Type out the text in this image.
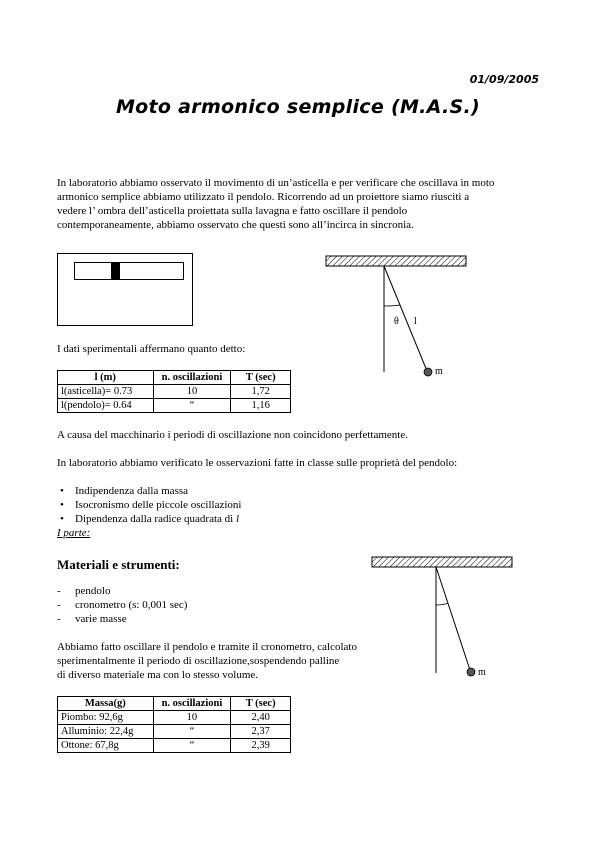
01/09/2005
Moto armonico semplice (M.A.S.)
In laboratorio abbiamo osservato il movimento di un’asticella e per verificare che oscillava in moto
armonico semplice abbiamo utilizzato il pendolo. Ricorrendo ad un proiettore siamo riusciti a
vedere l’ ombra dell’asticella proiettata sulla lavagna e fatto oscillare il pendolo
contemporaneamente, abbiamo osservato che questi sono all’incirca in sincronia.
θ l
m
I dati sperimentali affermano quanto detto:
l (m)	n. oscillazioni	T (sec)
l(asticella)= 0.73	10	1,72
l(pendolo)= 0.64	“	1,16
A causa del macchinario i periodi di oscillazione non coincidono perfettamente.
In laboratorio abbiamo verificato le osservazioni fatte in classe sulle proprietà del pendolo:
• Indipendenza dalla massa
• Isocronismo delle piccole oscillazioni
• Dipendenza dalla radice quadrata di l
I parte:
Materiali e strumenti:
- pendolo
- cronometro (s: 0,001 sec)
- varie masse
m
Abbiamo fatto oscillare il pendolo e tramite il cronometro, calcolato
sperimentalmente il periodo di oscillazione,sospendendo palline
di diverso materiale ma con lo stesso volume.
Massa(g)	n. oscillazioni	T (sec)
Piombo: 92,6g	10	2,40
Alluminio: 22,4g	“	2,37
Ottone: 67,8g	“	2,39
